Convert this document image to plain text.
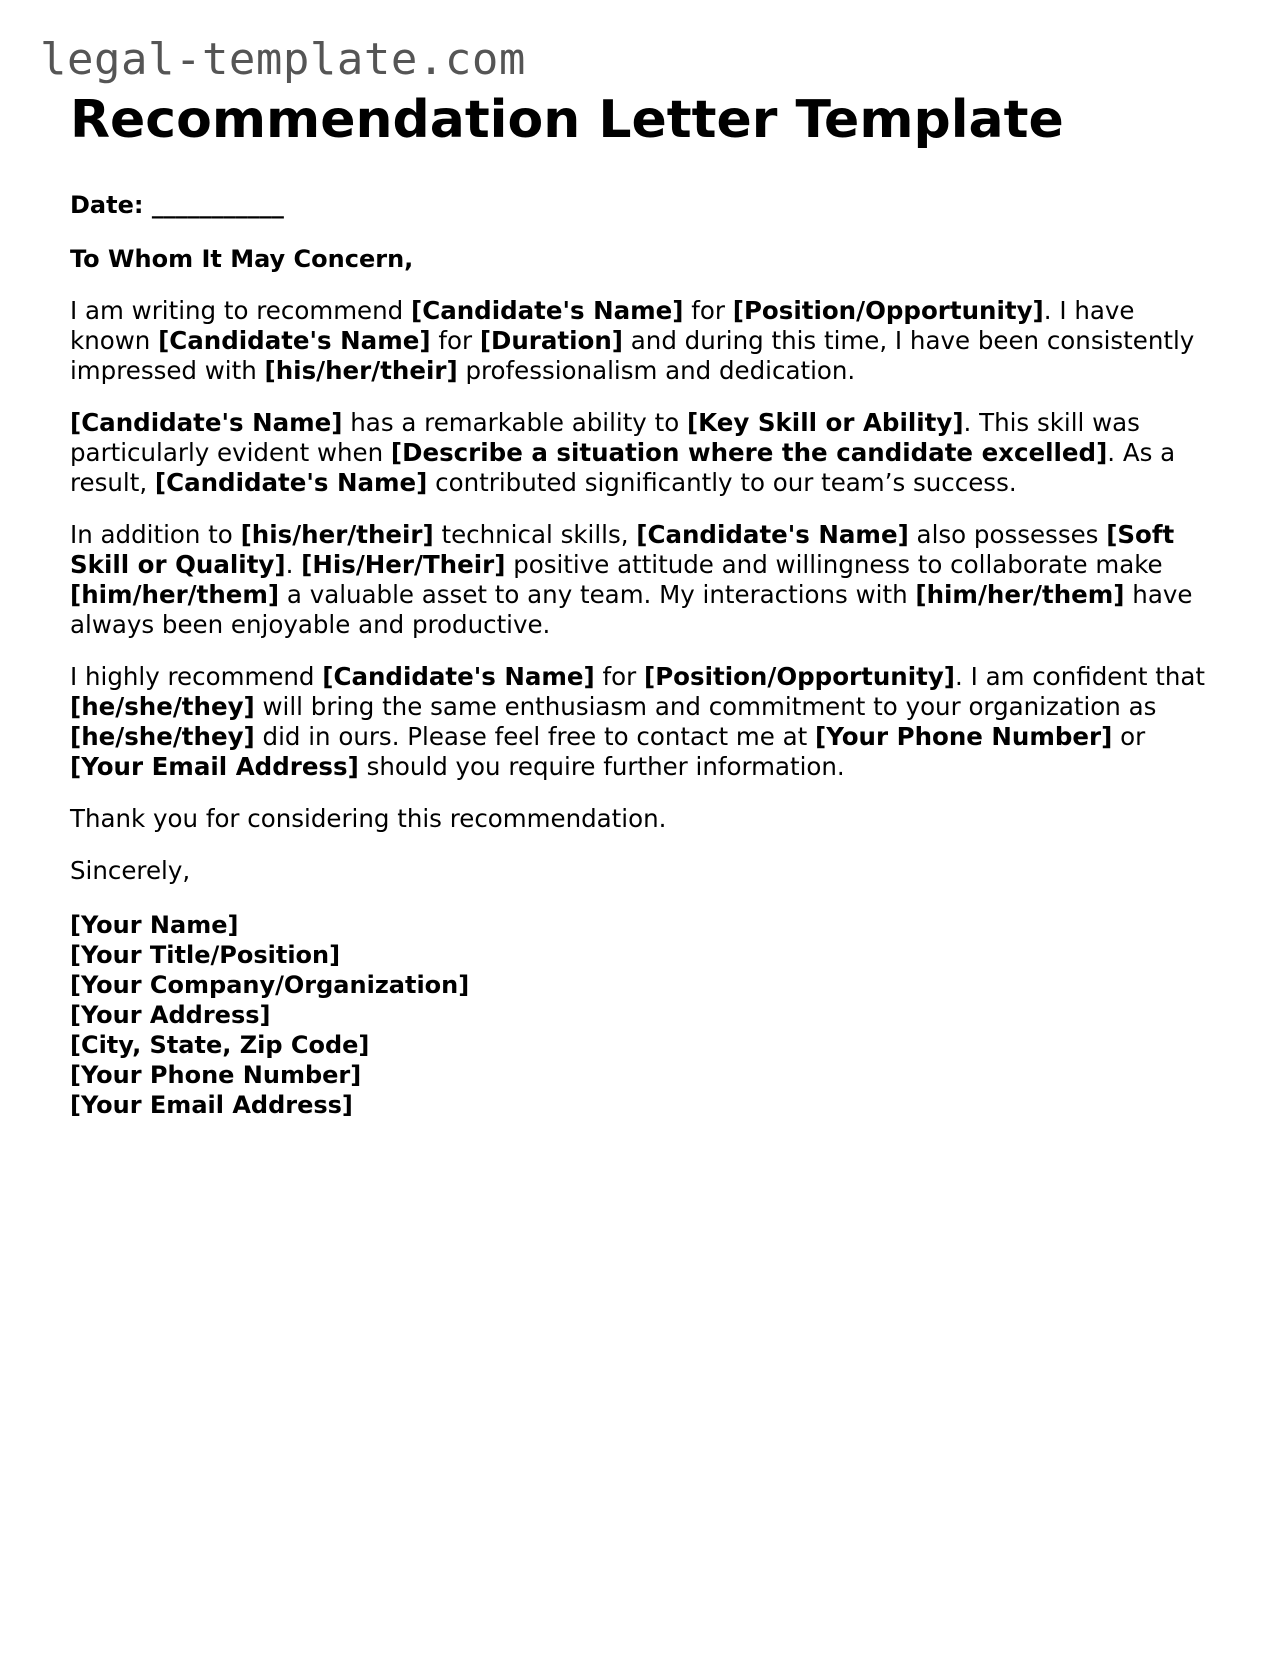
legal-template.com
Recommendation Letter Template
Date: ___________
To Whom It May Concern,

I am writing to recommend [Candidate's Name] for [Position/Opportunity]. I have known [Candidate's Name] for [Duration] and during this time, I have been consistently impressed with [his/her/their] professionalism and dedication.

[Candidate's Name] has a remarkable ability to [Key Skill or Ability]. This skill was particularly evident when [Describe a situation where the candidate excelled]. As a result, [Candidate's Name] contributed significantly to our team’s success.

In addition to [his/her/their] technical skills, [Candidate's Name] also possesses [Soft Skill or Quality]. [His/Her/Their] positive attitude and willingness to collaborate make [him/her/them] a valuable asset to any team. My interactions with [him/her/them] have always been enjoyable and productive.

I highly recommend [Candidate's Name] for [Position/Opportunity]. I am confident that [he/she/they] will bring the same enthusiasm and commitment to your organization as [he/she/they] did in ours. Please feel free to contact me at [Your Phone Number] or [Your Email Address] should you require further information.

Thank you for considering this recommendation.
Sincerely,
[Your Name]
[Your Title/Position]
[Your Company/Organization]
[Your Address]
[City, State, Zip Code]
[Your Phone Number]
[Your Email Address]
